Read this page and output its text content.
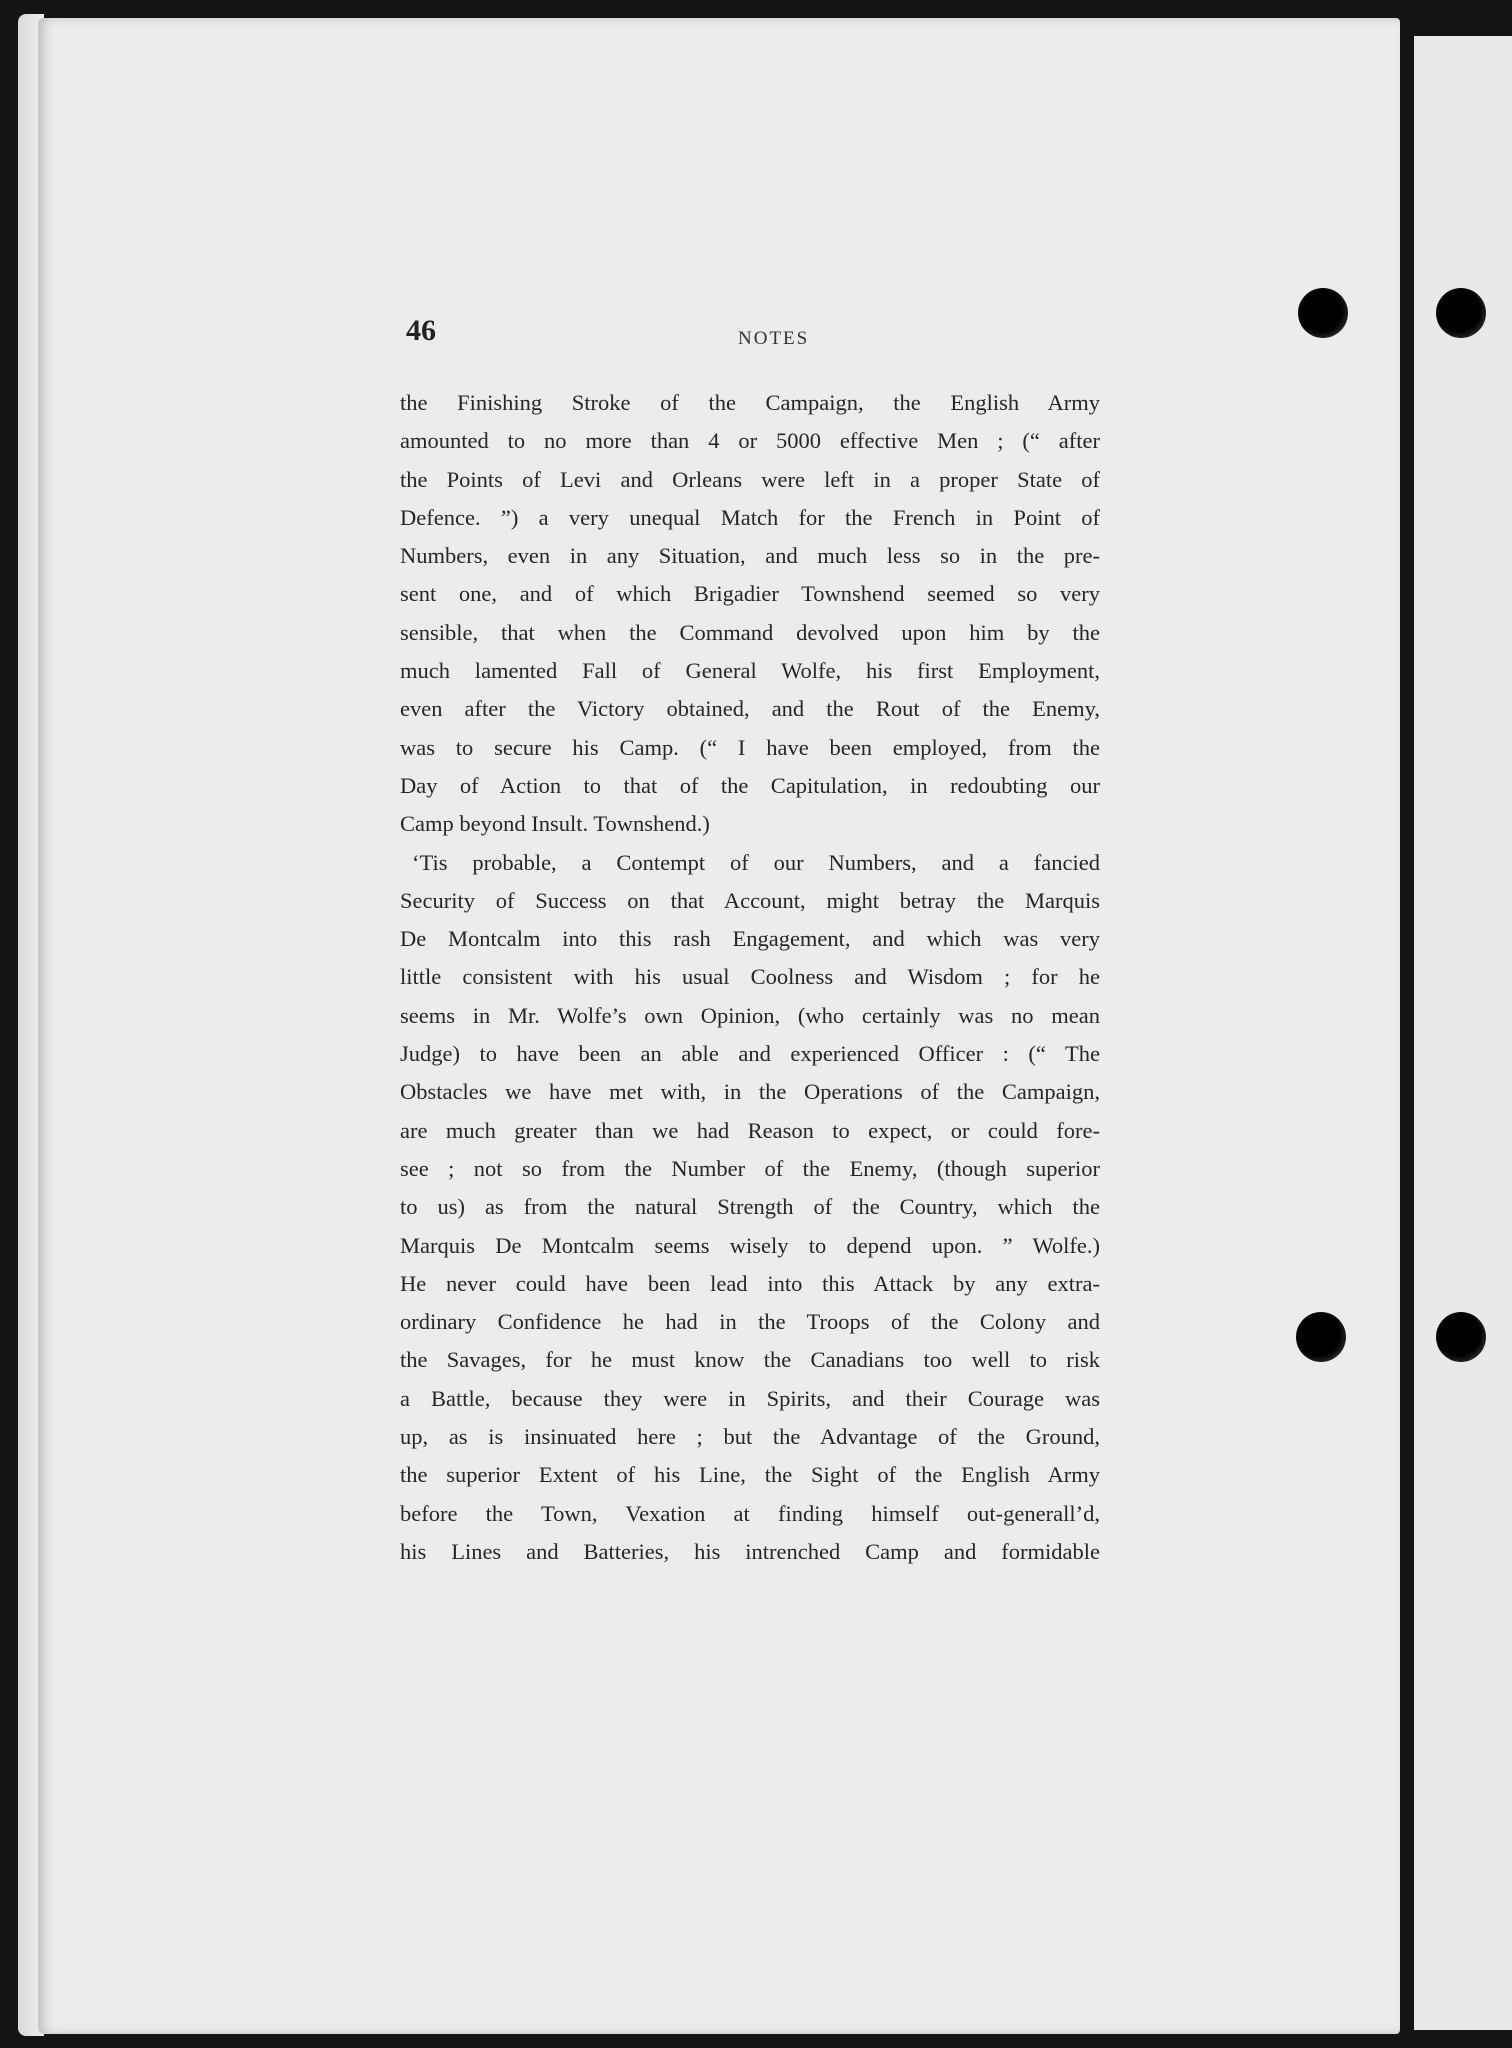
46	NOTES
the Finishing Stroke of the Campaign, the English Army
amounted to no more than 4 or 5000 effective Men ; (“ after
the Points of Levi and Orleans were left in a proper State of
Defence. ”) a very unequal Match for the French in Point of
Numbers, even in any Situation, and much less so in the pre-
sent one, and of which Brigadier Townshend seemed so very
sensible, that when the Command devolved upon him by the
much lamented Fall of General Wolfe, his first Employment,
even after the Victory obtained, and the Rout of the Enemy,
was to secure his Camp. (“ I have been employed, from the
Day of Action to that of the Capitulation, in redoubting our
Camp beyond Insult. Townshend.)
‘Tis probable, a Contempt of our Numbers, and a fancied
Security of Success on that Account, might betray the Marquis
De Montcalm into this rash Engagement, and which was very
little consistent with his usual Coolness and Wisdom ; for he
seems in Mr. Wolfe’s own Opinion, (who certainly was no mean
Judge) to have been an able and experienced Officer : (“ The
Obstacles we have met with, in the Operations of the Campaign,
are much greater than we had Reason to expect, or could fore-
see ; not so from the Number of the Enemy, (though superior
to us) as from the natural Strength of the Country, which the
Marquis De Montcalm seems wisely to depend upon. ” Wolfe.)
He never could have been lead into this Attack by any extra-
ordinary Confidence he had in the Troops of the Colony and
the Savages, for he must know the Canadians too well to risk
a Battle, because they were in Spirits, and their Courage was
up, as is insinuated here ; but the Advantage of the Ground,
the superior Extent of his Line, the Sight of the English Army
before the Town, Vexation at finding himself out-generall’d,
his Lines and Batteries, his intrenched Camp and formidable
